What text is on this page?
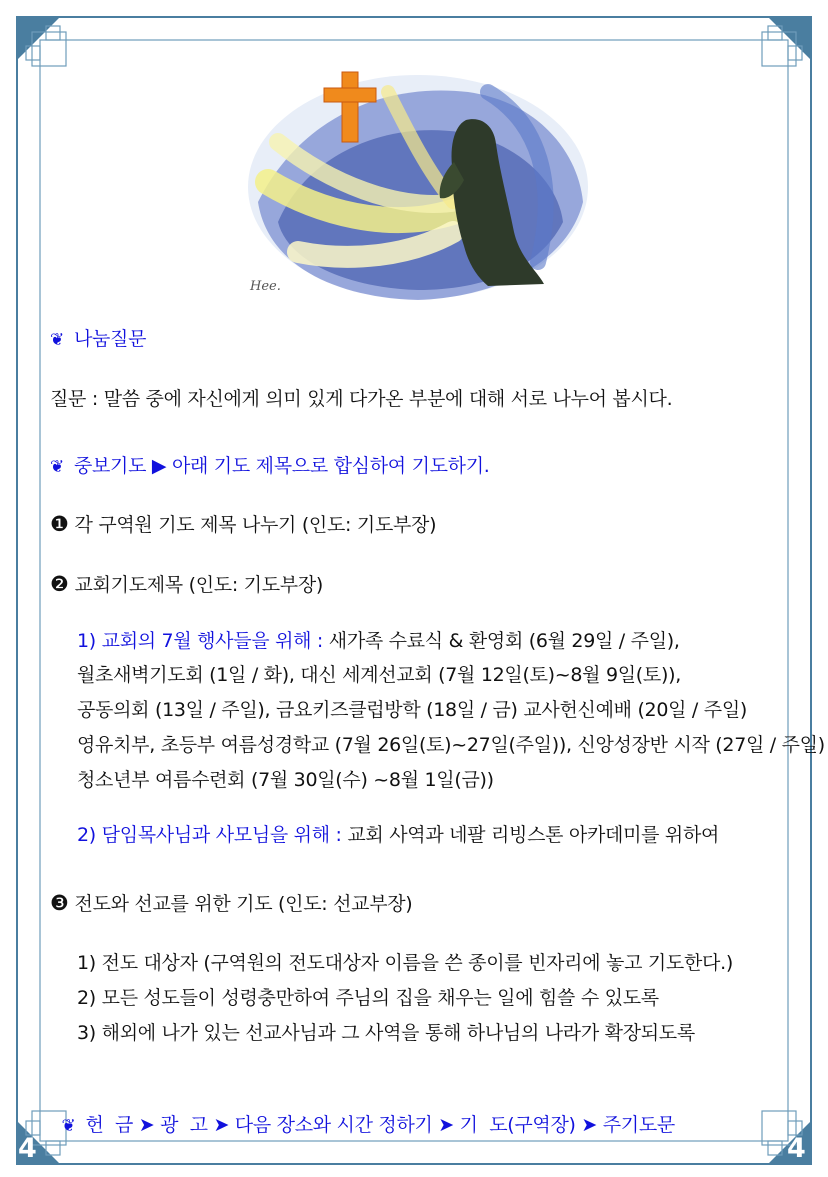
4	4
Hee.
❦ 나눔질문
질문 : 말씀 중에 자신에게 의미 있게 다가온 부분에 대해 서로 나누어 봅시다.
❦ 중보기도 ▶ 아래 기도 제목으로 합심하여 기도하기.
❶ 각 구역원 기도 제목 나누기 (인도: 기도부장)
❷ 교회기도제목 (인도: 기도부장)
1) 교회의 7월 행사들을 위해 : 새가족 수료식 & 환영회 (6월 29일 / 주일),
월초새벽기도회 (1일 / 화), 대신 세계선교회 (7월 12일(토)~8월 9일(토)),
공동의회 (13일 / 주일), 금요키즈클럽방학 (18일 / 금) 교사헌신예배 (20일 / 주일)
영유치부, 초등부 여름성경학교 (7월 26일(토)~27일(주일)), 신앙성장반 시작 (27일 / 주일)
청소년부 여름수련회 (7월 30일(수) ~8월 1일(금))
2) 담임목사님과 사모님을 위해 : 교회 사역과 네팔 리빙스톤 아카데미를 위하여
❸ 전도와 선교를 위한 기도 (인도: 선교부장)
1) 전도 대상자 (구역원의 전도대상자 이름을 쓴 종이를 빈자리에 놓고 기도한다.)
2) 모든 성도들이 성령충만하여 주님의 집을 채우는 일에 힘쓸 수 있도록
3) 해외에 나가 있는 선교사님과 그 사역을 통해 하나님의 나라가 확장되도록

❦ 헌  금 ➤ 광  고 ➤ 다음 장소와 시간 정하기 ➤ 기  도(구역장) ➤ 주기도문
